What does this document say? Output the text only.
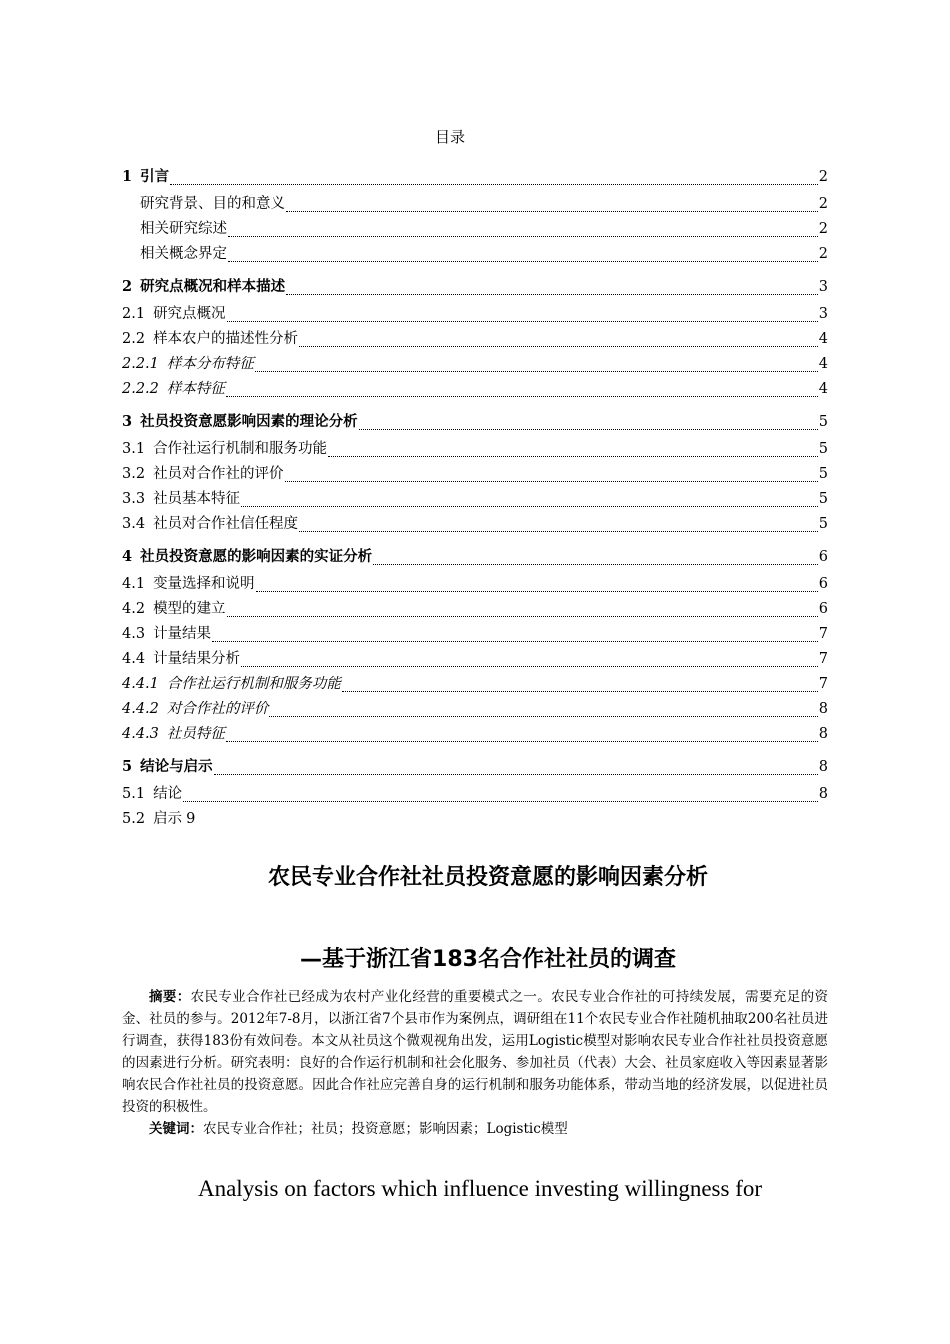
目录
1 引言	2
研究背景、目的和意义	2
相关研究综述	2
相关概念界定	2
2 研究点概况和样本描述	3
2.1 研究点概况	3
2.2 样本农户的描述性分析	4
2.2.1 样本分布特征	4
2.2.2 样本特征	4
3 社员投资意愿影响因素的理论分析	5
3.1 合作社运行机制和服务功能	5
3.2 社员对合作社的评价	5
3.3 社员基本特征	5
3.4 社员对合作社信任程度	5
4 社员投资意愿的影响因素的实证分析	6
4.1 变量选择和说明	6
4.2 模型的建立	6
4.3 计量结果	7
4.4 计量结果分析	7
4.4.1 合作社运行机制和服务功能	7
4.4.2 对合作社的评价	8
4.4.3 社员特征	8
5 结论与启示	8
5.1 结论	8
5.2 启示 9
农民专业合作社社员投资意愿的影响因素分析
—基于浙江省183名合作社社员的调查

摘要：农民专业合作社已经成为农村产业化经营的重要模式之一。农民专业合作社的可持续发展，需要充足的资金、社员的参与。2012年7-8月，以浙江省7个县市作为案例点，调研组在11个农民专业合作社随机抽取200名社员进行调查，获得183份有效问卷。本文从社员这个微观视角出发，运用Logistic模型对影响农民专业合作社社员投资意愿的因素进行分析。研究表明：良好的合作运行机制和社会化服务、参加社员（代表）大会、社员家庭收入等因素显著影响农民合作社社员的投资意愿。因此合作社应完善自身的运行机制和服务功能体系，带动当地的经济发展，以促进社员投资的积极性。

关键词：农民专业合作社；社员；投资意愿；影响因素；Logistic模型

Analysis on factors which influence investing willingness for
